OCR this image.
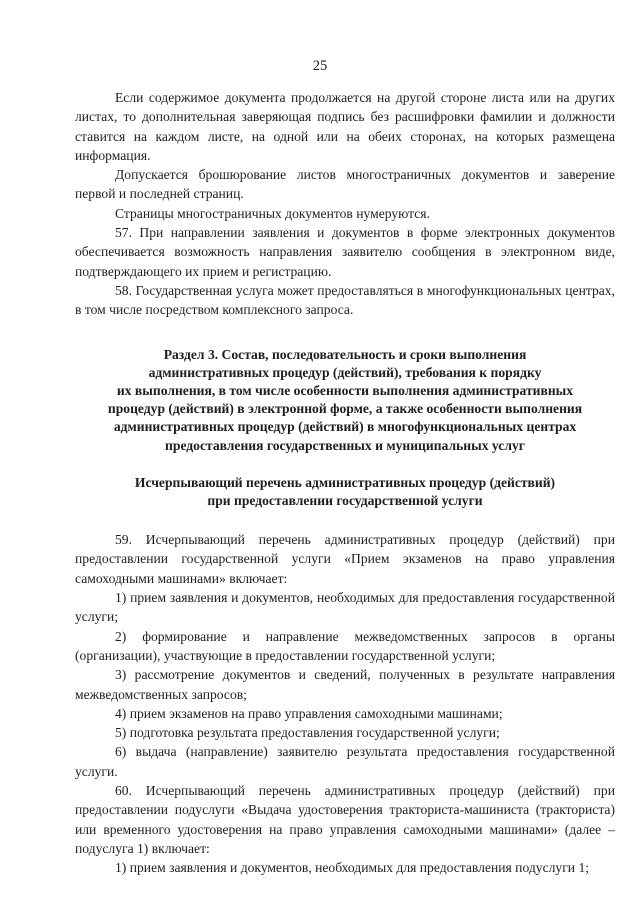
25

Если содержимое документа продолжается на другой стороне листа или на других листах, то дополнительная заверяющая подпись без расшифровки фамилии и должности ставится на каждом листе, на одной или на обеих сторонах, на которых размещена информация.

Допускается брошюрование листов многостраничных документов и заверение первой и последней страниц.

Страницы многостраничных документов нумеруются.

57. При направлении заявления и документов в форме электронных документов обеспечивается возможность направления заявителю сообщения в электронном виде, подтверждающего их прием и регистрацию.

58. Государственная услуга может предоставляться в многофункциональных центрах, в том числе посредством комплексного запроса.

Раздел 3. Состав, последовательность и сроки выполнения
административных процедур (действий), требования к порядку
их выполнения, в том числе особенности выполнения административных
процедур (действий) в электронной форме, а также особенности выполнения
административных процедур (действий) в многофункциональных центрах
предоставления государственных и муниципальных услуг
Исчерпывающий перечень административных процедур (действий)
при предоставлении государственной услуги

59. Исчерпывающий перечень административных процедур (действий) при предоставлении государственной услуги «Прием экзаменов на право управления самоходными машинами» включает:

1) прием заявления и документов, необходимых для предоставления государственной услуги;

2) формирование и направление межведомственных запросов в органы (организации), участвующие в предоставлении государственной услуги;

3) рассмотрение документов и сведений, полученных в результате направления межведомственных запросов;

4) прием экзаменов на право управления самоходными машинами;

5) подготовка результата предоставления государственной услуги;

6) выдача (направление) заявителю результата предоставления государственной услуги.

60. Исчерпывающий перечень административных процедур (действий) при предоставлении подуслуги «Выдача удостоверения тракториста-машиниста (тракториста) или временного удостоверения на право управления самоходными машинами» (далее – подуслуга 1) включает:

1) прием заявления и документов, необходимых для предоставления подуслуги 1;
